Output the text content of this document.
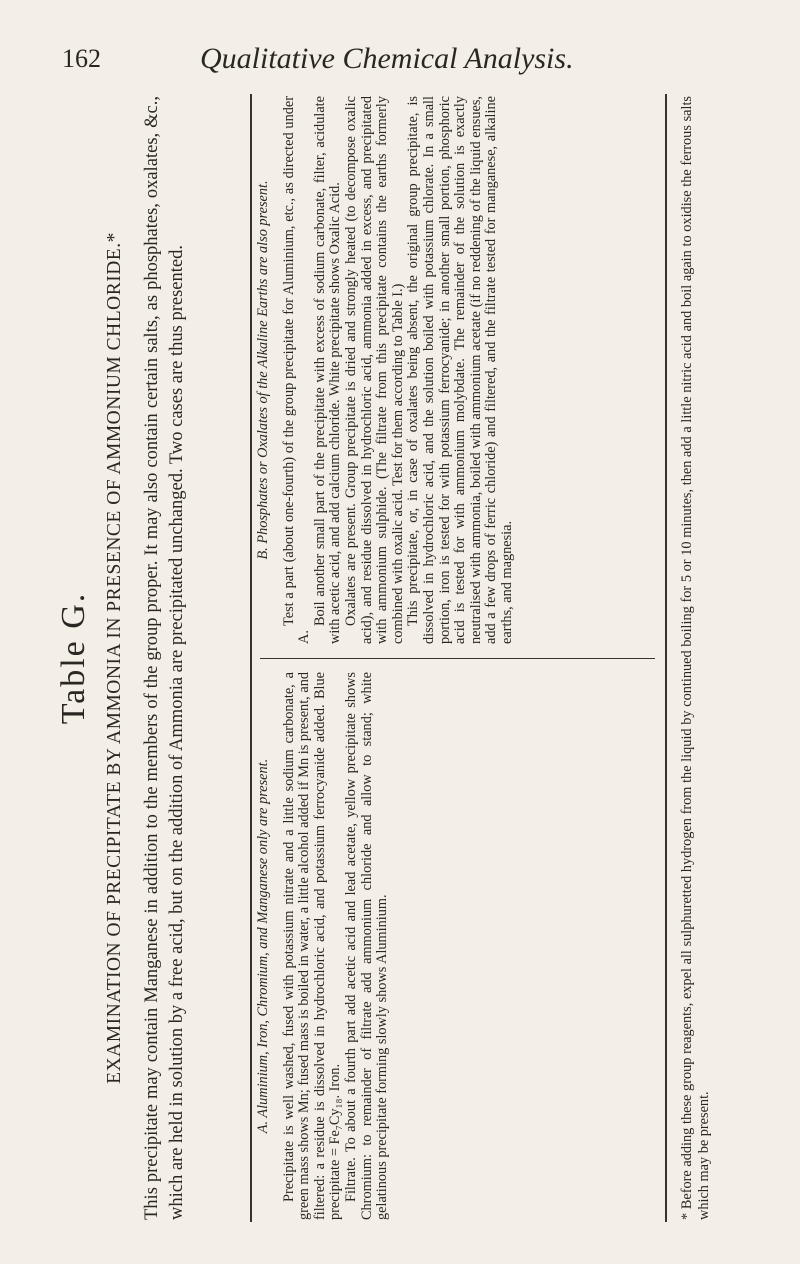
162	Qualitative Chemical Analysis.
Table G. EXAMINATION OF PRECIPITATE BY AMMONIA IN PRESENCE OF AMMONIUM CHLORIDE.* This precipitate may contain Manganese in addition to the members of the group proper. It may also contain certain salts, as phosphates, oxalates, &c., which are held in solution by a free acid, but on the addition of Ammonia are precipitated unchanged. Two cases are thus presented.	A. Aluminium, Iron, Chromium, and Manganese only are present. Precipitate is well washed, fused with potassium nitrate and a little sodium carbonate, a green mass shows Mn; fused mass is boiled in water, a little alcohol added if Mn is present, and filtered: a residue is dissolved in hydrochloric acid, and potassium ferrocyanide added. Blue precipitate = Fe₇Cy₁₈. Iron. Filtrate. To about a fourth part add acetic acid and lead acetate, yellow precipitate shows Chromium: to remainder of filtrate add ammonium chloride and allow to stand; white gelatinous precipitate forming slowly shows Aluminium.

B. Phosphates or Oxalates of the Alkaline Earths are also present. Test a part (about one-fourth) of the group precipitate for Aluminium, etc., as directed under A.

Boil another small part of the precipitate with excess of sodium carbonate, filter, acidulate with acetic acid, and add calcium chloride. White precipitate shows Oxalic Acid. Oxalates are present. Group precipitate is dried and strongly heated (to decompose oxalic acid), and residue dissolved in hydrochloric acid, ammonia added in excess, and precipitated with ammonium sulphide. (The filtrate from this precipitate contains the earths formerly combined with oxalic acid. Test for them according to Table I.) This precipitate, or, in case of oxalates being absent, the original group precipitate, is dissolved in hydrochloric acid, and the solution boiled with potassium chlorate. In a small portion, iron is tested for with potassium ferrocyanide; in another small portion, phosphoric acid is tested for with ammonium molybdate. The remainder of the solution is exactly neutralised with ammonia, boiled with ammonium acetate (if no reddening of the liquid ensues, add a few drops of ferric chloride) and filtered, and the filtrate tested for manganese, alkaline earths, and magnesia.	* Before adding these group reagents, expel all sulphuretted hydrogen from the liquid by continued boiling for 5 or 10 minutes, then add a little nitric acid and boil again to oxidise the ferrous salts which may be present.
